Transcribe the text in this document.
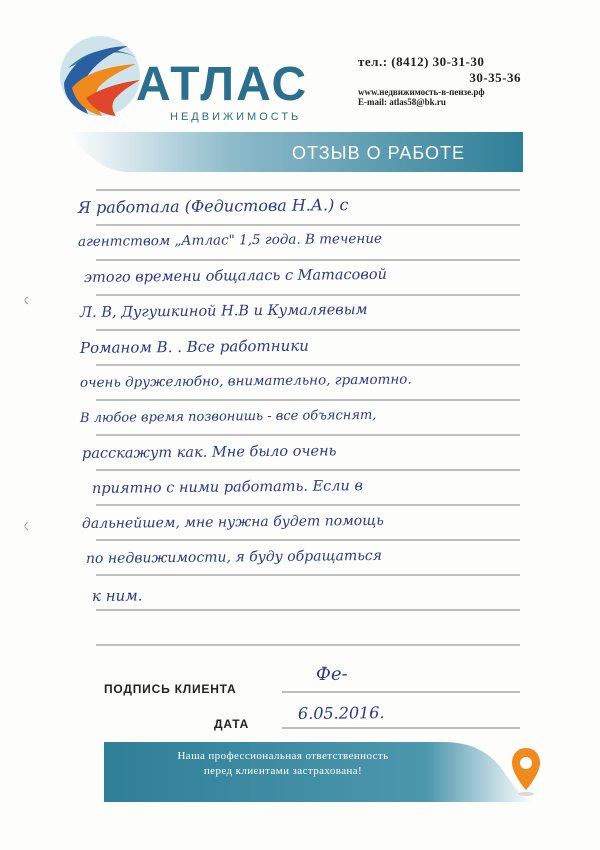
АТЛАС
НЕДВИЖИМОСТЬ
тел.: (8412) 30-31-30
30-35-36
www.недвижимость-в-пензе.рф
E-mail: atlas58@bk.ru
ОТЗЫВ О РАБОТЕ
Я работала (Федистова Н.А.) с
агентством „Атлас" 1,5 года. В течение
этого времени общалась с Матасовой
Л. В, Дугушкиной Н.В и Кумаляевым
Романом В. . Все работники
очень дружелюбно, внимательно, грамотно.
В любое время позвонишь - все объяснят,
расскажут как. Мне было очень
приятно с ними работать. Если в
дальнейшем, мне нужна будет помощь
по недвижимости, я буду обращаться
к ним.
ПОДПИСЬ КЛИЕНТА
Фе-
ДАТА
6.05.2016.
Наша профессиональная ответственность
перед клиентами застрахована!
